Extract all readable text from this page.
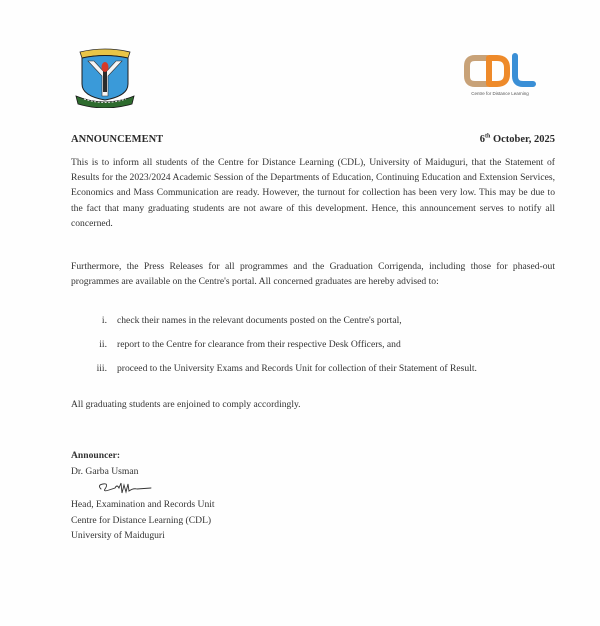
Centre for Distance Learning
ANNOUNCEMENT	6th October, 2025

This is to inform all students of the Centre for Distance Learning (CDL), University of Maiduguri, that the Statement of Results for the 2023/2024 Academic Session of the Departments of Education, Continuing Education and Extension Services, Economics and Mass Communication are ready. However, the turnout for collection has been very low. This may be due to the fact that many graduating students are not aware of this development. Hence, this announcement serves to notify all concerned.

Furthermore, the Press Releases for all programmes and the Graduation Corrigenda, including those for phased-out programmes are available on the Centre's portal. All concerned graduates are hereby advised to:

i.	check their names in the relevant documents posted on the Centre's portal,
ii.	report to the Centre for clearance from their respective Desk Officers, and
iii.	proceed to the University Exams and Records Unit for collection of their Statement of Result.

All graduating students are enjoined to comply accordingly.

Announcer:
Dr. Garba Usman
Head, Examination and Records Unit
Centre for Distance Learning (CDL)
University of Maiduguri
